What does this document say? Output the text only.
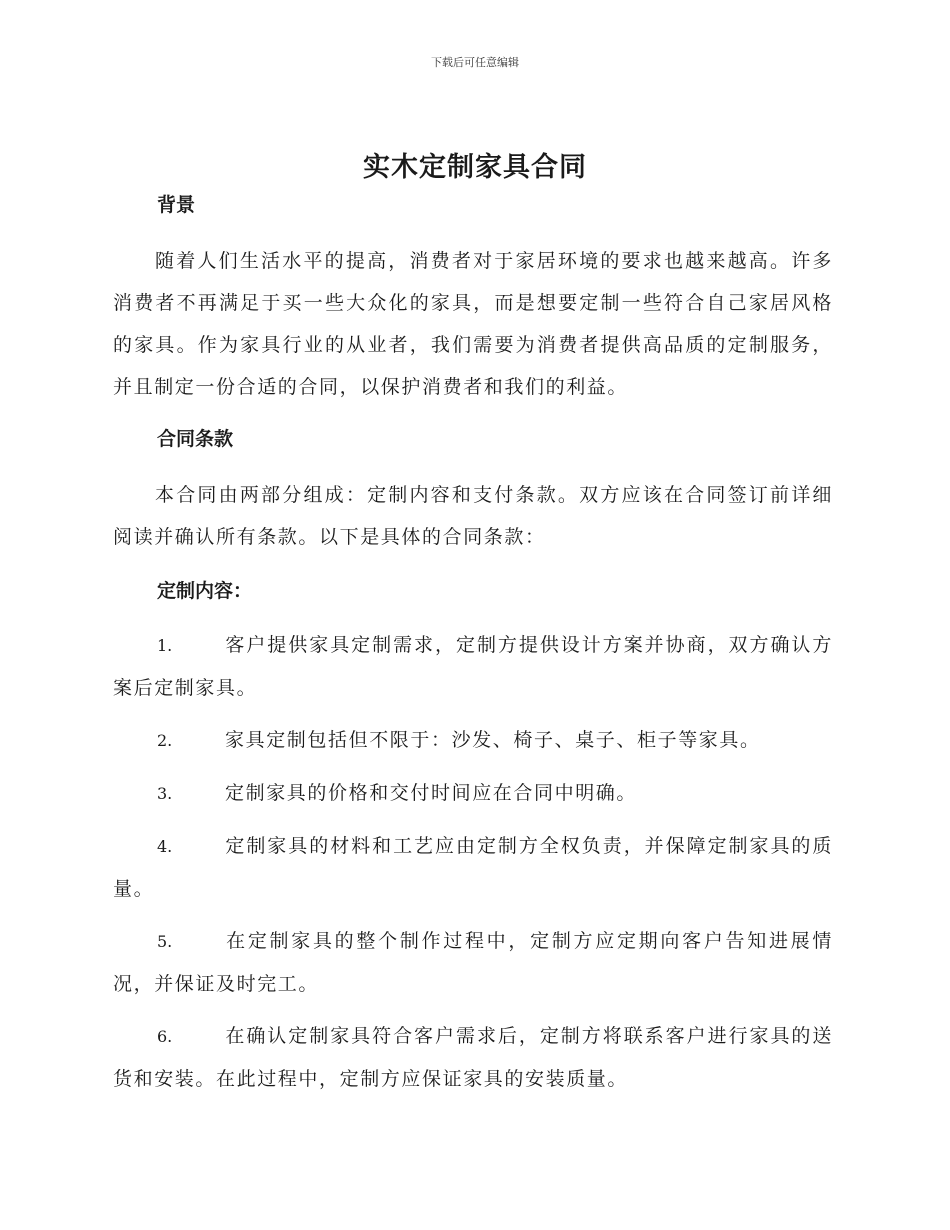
下载后可任意编辑
实木定制家具合同

背景

随着人们生活水平的提高，消费者对于家居环境的要求也越来越高。许多消费者不再满足于买一些大众化的家具，而是想要定制一些符合自己家居风格的家具。作为家具行业的从业者，我们需要为消费者提供高品质的定制服务，并且制定一份合适的合同，以保护消费者和我们的利益。

合同条款

本合同由两部分组成：定制内容和支付条款。双方应该在合同签订前详细阅读并确认所有条款。以下是具体的合同条款：

定制内容：

1.	客户提供家具定制需求，定制方提供设计方案并协商，双方确认方案后定制家具。

2.	家具定制包括但不限于：沙发、椅子、桌子、柜子等家具。

3.	定制家具的价格和交付时间应在合同中明确。

4.	定制家具的材料和工艺应由定制方全权负责，并保障定制家具的质量。

5.	在定制家具的整个制作过程中，定制方应定期向客户告知进展情况，并保证及时完工。

6.	在确认定制家具符合客户需求后，定制方将联系客户进行家具的送货和安装。在此过程中，定制方应保证家具的安装质量。
